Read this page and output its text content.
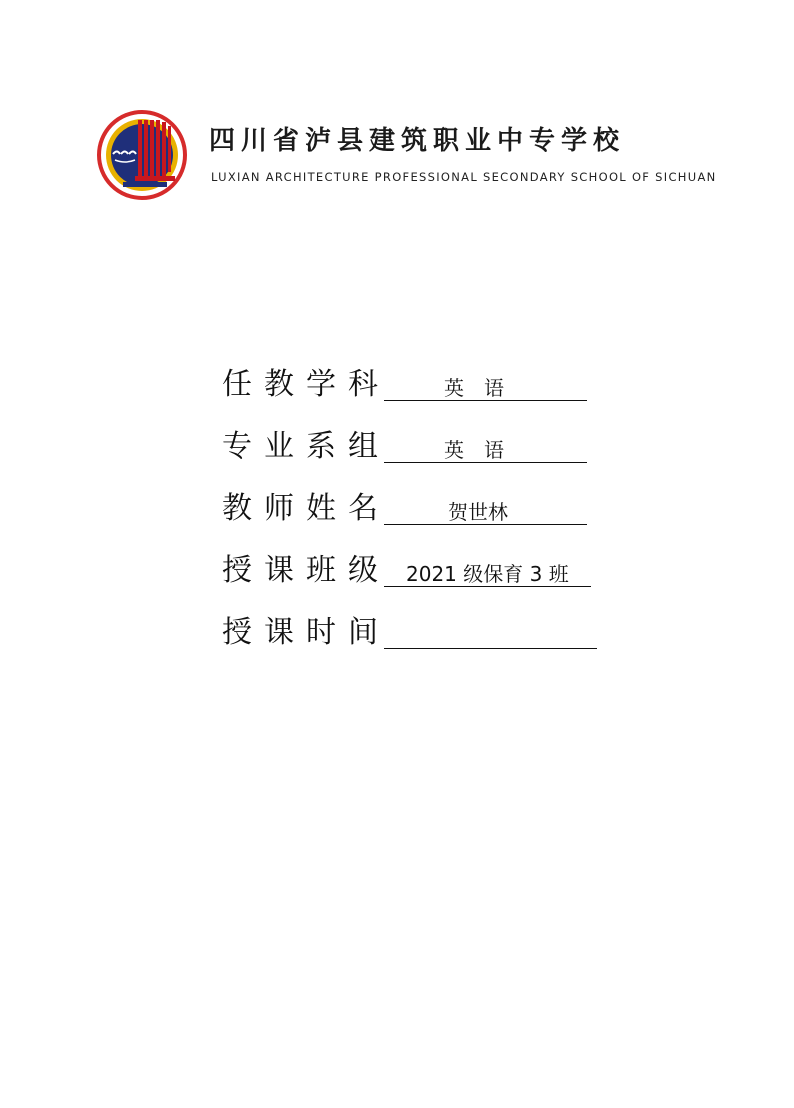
四川省泸县建筑职业中专学校
LUXIAN ARCHITECTURE PROFESSIONAL SECONDARY SCHOOL OF SICHUAN
任教学科	英　语
专业系组	英　语
教师姓名	贺世林
授课班级 2021 级保育 3 班
授课时间
